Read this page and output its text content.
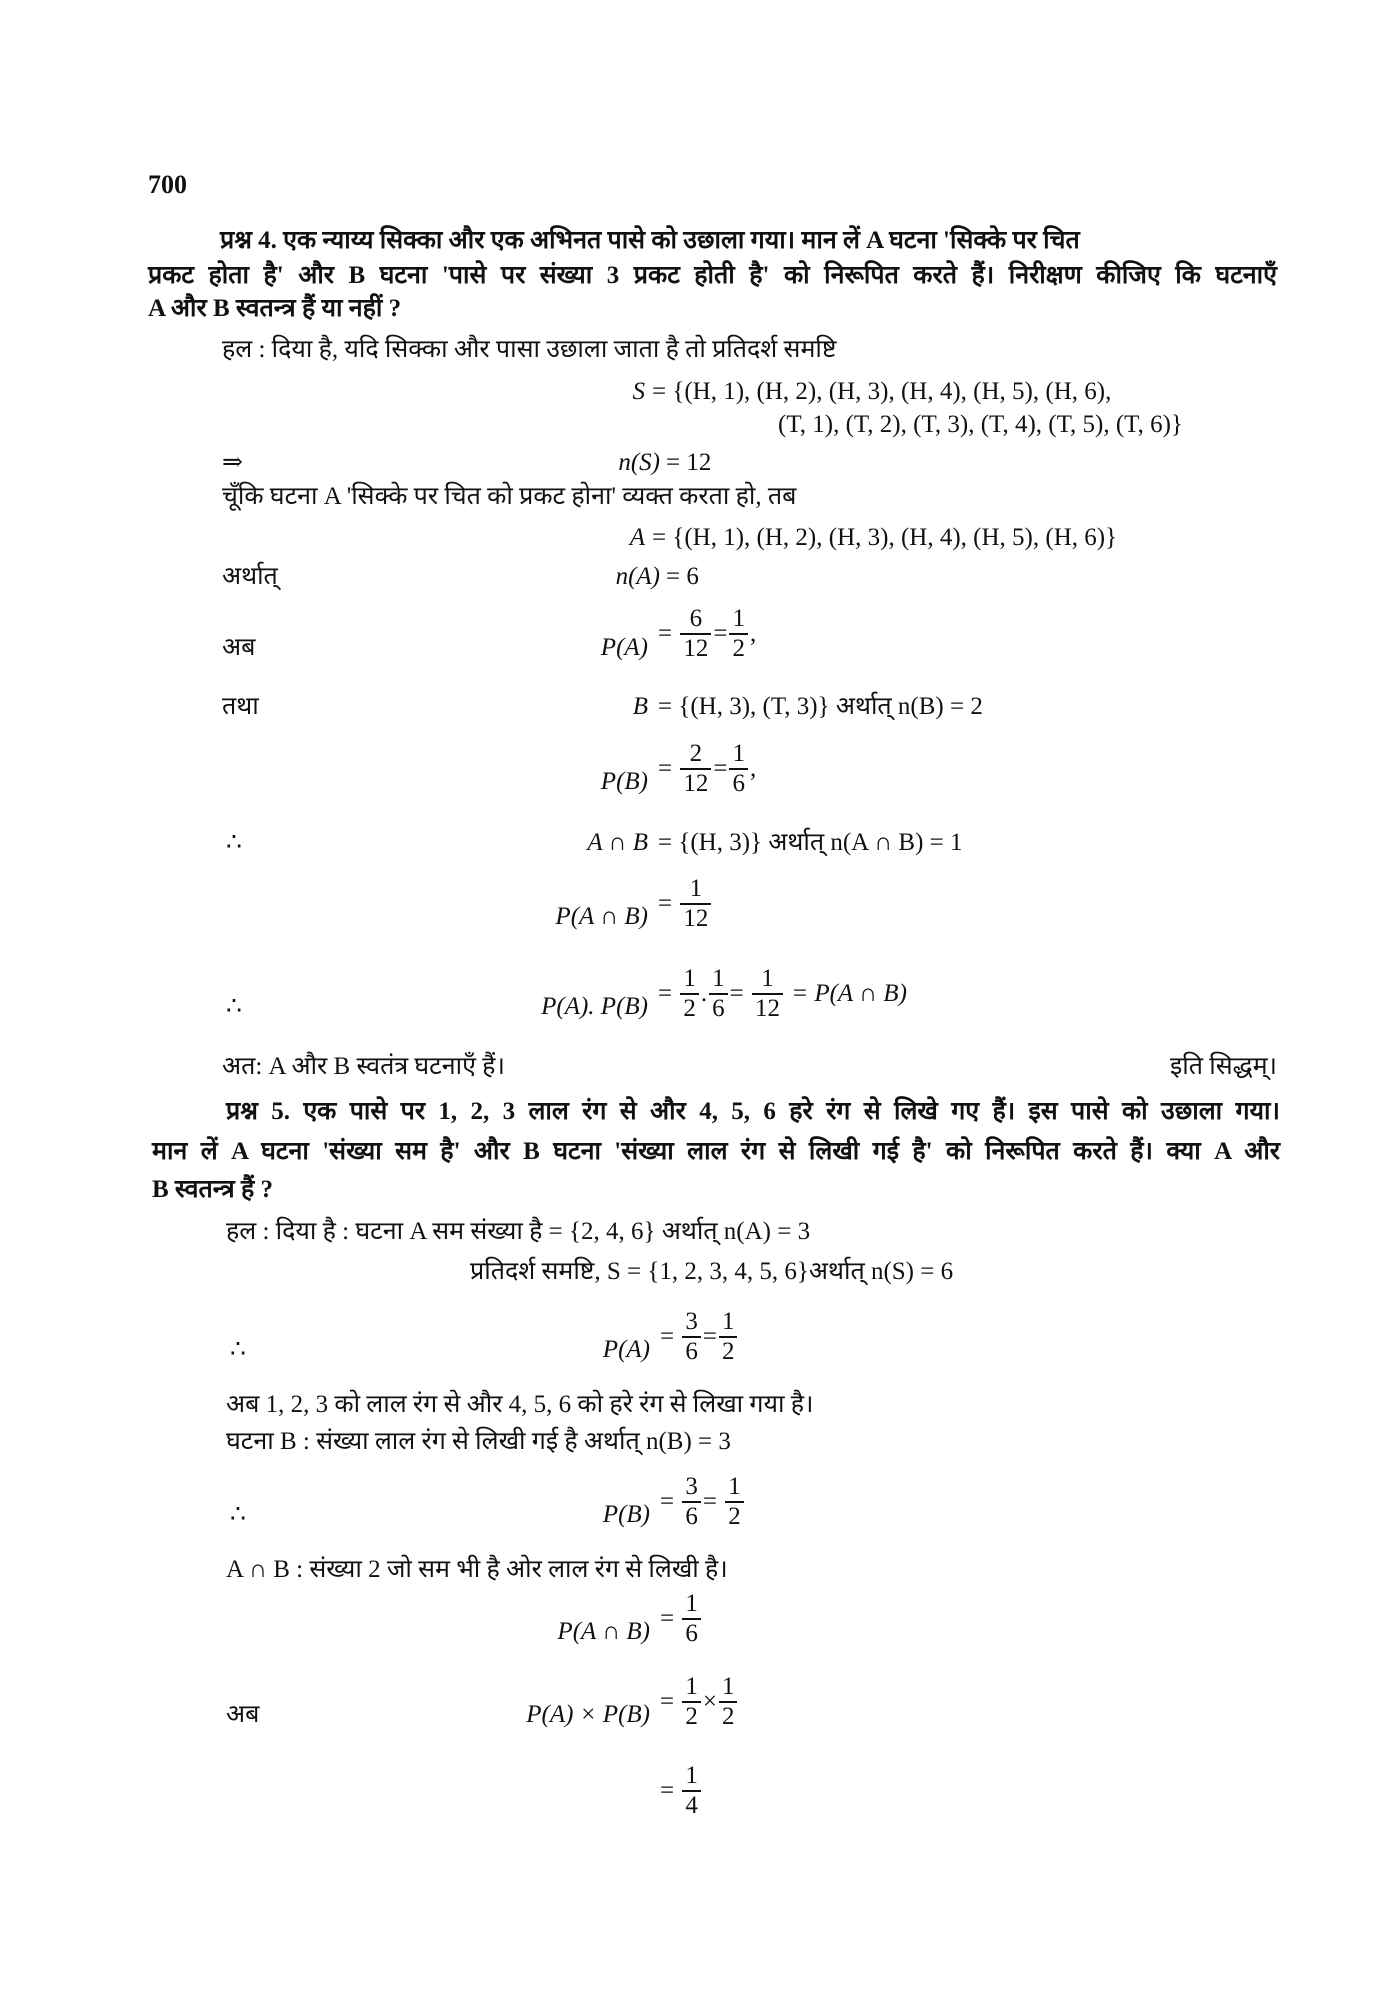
700
प्रश्न 4. एक न्याय्य सिक्का और एक अभिनत पासे को उछाला गया। मान लें A घटना 'सिक्के पर चित
प्रकट होता है' और B घटना 'पासे पर संख्या 3 प्रकट होती है' को निरूपित करते हैं। निरीक्षण कीजिए कि घटनाएँ
A और B स्वतन्त्र हैं या नहीं ?
हल : दिया है, यदि सिक्का और पासा उछाला जाता है तो प्रतिदर्श समष्टि
S = {(H, 1), (H, 2), (H, 3), (H, 4), (H, 5), (H, 6),
(T, 1), (T, 2), (T, 3), (T, 4), (T, 5), (T, 6)}
⇒	n(S) = 12
चूँकि घटना A 'सिक्के पर चित को प्रकट होना' व्यक्त करता हो, तब
A = {(H, 1), (H, 2), (H, 3), (H, 4), (H, 5), (H, 6)}
अर्थात्	n(A) = 6
अब	P(A)
= $\frac{6}{12} = \frac{1}{2}$ ,
तथा	B = {(H, 3), (T, 3)} अर्थात् n(B) = 2
$P(B) = \frac{2}{12} = \frac{1}{6}$ ,
∴	A ∩ B = {(H, 3)} अर्थात् n(A ∩ B) = 1
P(A ∩ $B) = \frac{1}{12}$
∴	P(A). $P(B) = \frac{1}{2}$ . $\frac{1}{6} = \frac{1}{12} = P(A$ ∩ B)
अत: A और B स्वतंत्र घटनाएँ हैं।	इति सिद्धम्।
प्रश्न 5. एक पासे पर 1, 2, 3 लाल रंग से और 4, 5, 6 हरे रंग से लिखे गए हैं। इस पासे को उछाला गया।
मान लें A घटना 'संख्या सम है' और B घटना 'संख्या लाल रंग से लिखी गई है' को निरूपित करते हैं। क्या A और
B स्वतन्त्र हैं ?
हल : दिया है : घटना A सम संख्या है = {2, 4, 6} अर्थात् n(A) = 3
प्रतिदर्श समष्टि, S = {1, 2, 3, 4, 5, 6}अर्थात् n(S) = 6
∴	$P(A) = \frac{3}{6} = \frac{1}{2}$
अब 1, 2, 3 को लाल रंग से और 4, 5, 6 को हरे रंग से लिखा गया है।
घटना B : संख्या लाल रंग से लिखी गई है अर्थात् n(B) = 3
∴	$P(B) = \frac{3}{6} = \frac{1}{2}$
A ∩ B : संख्या 2 जो सम भी है ओर लाल रंग से लिखी है।
P(A ∩ $B) = \frac{1}{6}$
अब	$P(A) \times P(B) = \frac{1}{2} \times \frac{1}{2}$
= $\frac{1}{4}$
